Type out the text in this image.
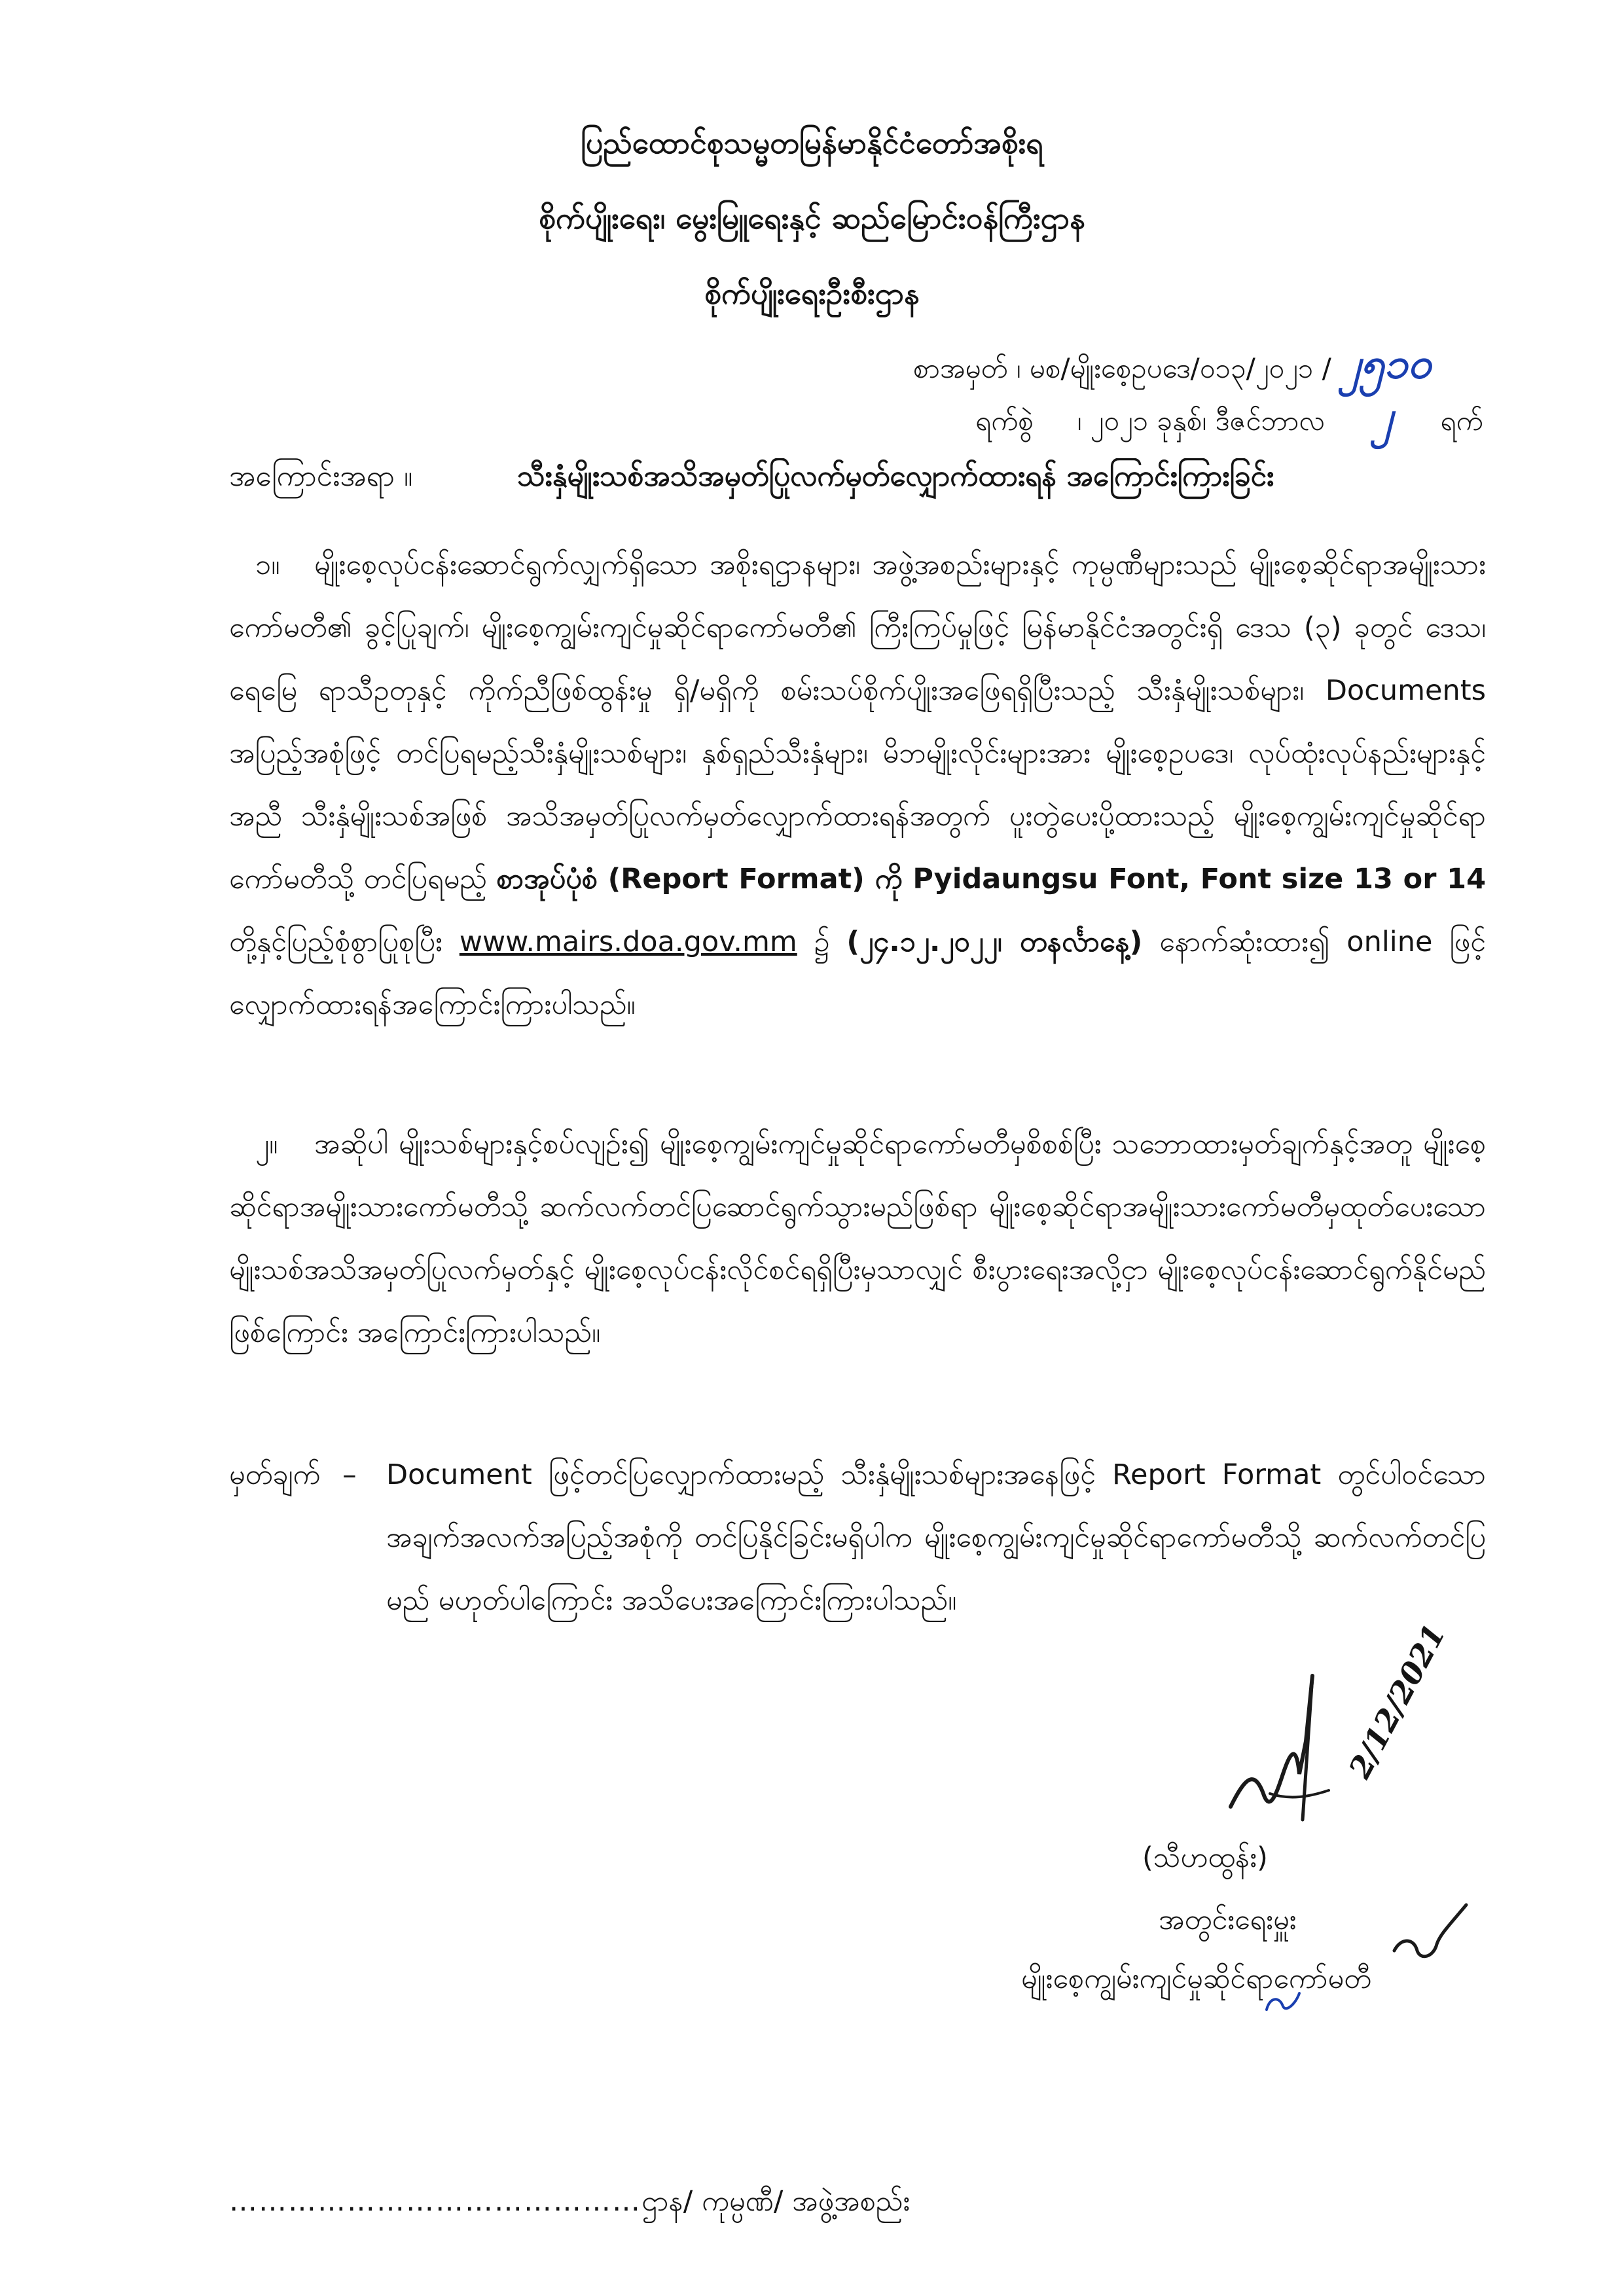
ပြည်ထောင်စုသမ္မတမြန်မာနိုင်ငံတော်အစိုးရ
စိုက်ပျိုးရေး၊ မွေးမြူရေးနှင့် ဆည်မြောင်းဝန်ကြီးဌာန
စိုက်ပျိုးရေးဦးစီးဌာန
စာအမှတ် ၊ မစ/မျိုးစေ့ဥပဒေ/၀၁၃/၂၀၂၁ / ၂၅၁၀
ရက်စွဲ ၊ ၂၀၂၁ ခုနှစ်၊ ဒီဇင်ဘာလ ၂ ရက်
အကြောင်းအရာ ။	သီးနှံမျိုးသစ်အသိအမှတ်ပြုလက်မှတ်လျှောက်ထားရန် အကြောင်းကြားခြင်း
၁။ မျိုးစေ့လုပ်ငန်းဆောင်ရွက်လျှက်ရှိသော အစိုးရဌာနများ၊ အဖွဲ့အစည်းများနှင့် ကုမ္ပဏီများသည် မျိုးစေ့ဆိုင်ရာအမျိုးသားကော်မတီ၏ ခွင့်ပြုချက်၊ မျိုးစေ့ကျွမ်းကျင်မှုဆိုင်ရာကော်မတီ၏ ကြီးကြပ်မှုဖြင့် မြန်မာနိုင်ငံအတွင်းရှိ ဒေသ (၃) ခုတွင် ဒေသ၊ ရေမြေ ရာသီဥတုနှင့် ကိုက်ညီဖြစ်ထွန်းမှု ရှိ/မရှိကို စမ်းသပ်စိုက်ပျိုးအဖြေရရှိပြီးသည့် သီးနှံမျိုးသစ်များ၊ Documents အပြည့်အစုံဖြင့် တင်ပြရမည့်သီးနှံမျိုးသစ်များ၊ နှစ်ရှည်သီးနှံများ၊ မိဘမျိုးလိုင်းများအား မျိုးစေ့ဥပဒေ၊ လုပ်ထုံးလုပ်နည်းများနှင့်အညီ သီးနှံမျိုးသစ်အဖြစ် အသိအမှတ်ပြုလက်မှတ်လျှောက်ထားရန်အတွက် ပူးတွဲပေးပို့ထားသည့် မျိုးစေ့ကျွမ်းကျင်မှုဆိုင်ရာကော်မတီသို့ တင်ပြရမည့် စာအုပ်ပုံစံ (Report Format) ကို Pyidaungsu Font, Font size 13 or 14 တို့နှင့်ပြည့်စုံစွာပြုစုပြီး www.mairs.doa.gov.mm ၌ (၂၄.၁၂.၂၀၂၂၊ တနင်္လာနေ့) နောက်ဆုံးထား၍ online ဖြင့် လျှောက်ထားရန်အကြောင်းကြားပါသည်။
၂။ အဆိုပါ မျိုးသစ်များနှင့်စပ်လျဉ်း၍ မျိုးစေ့ကျွမ်းကျင်မှုဆိုင်ရာကော်မတီမှစိစစ်ပြီး သဘောထားမှတ်ချက်နှင့်အတူ မျိုးစေ့ဆိုင်ရာအမျိုးသားကော်မတီသို့ ဆက်လက်တင်ပြဆောင်ရွက်သွားမည်ဖြစ်ရာ မျိုးစေ့ဆိုင်ရာအမျိုးသားကော်မတီမှထုတ်ပေးသော မျိုးသစ်အသိအမှတ်ပြုလက်မှတ်နှင့် မျိုးစေ့လုပ်ငန်းလိုင်စင်ရရှိပြီးမှသာလျှင် စီးပွားရေးအလို့ငှာ မျိုးစေ့လုပ်ငန်းဆောင်ရွက်နိုင်မည်ဖြစ်ကြောင်း အကြောင်းကြားပါသည်။
မှတ်ချက် –	Document ဖြင့်တင်ပြလျှောက်ထားမည့် သီးနှံမျိုးသစ်များအနေဖြင့် Report Format တွင်ပါဝင်သောအချက်အလက်အပြည့်အစုံကို တင်ပြနိုင်ခြင်းမရှိပါက မျိုးစေ့ကျွမ်းကျင်မှုဆိုင်ရာကော်မတီသို့ ဆက်လက်တင်ပြမည် မဟုတ်ပါကြောင်း အသိပေးအကြောင်းကြားပါသည်။
2/12/2021
(သီဟထွန်း)
အတွင်းရေးမှူး
မျိုးစေ့ကျွမ်းကျင်မှုဆိုင်ရာကော်မတီ
……………………………………ဌာန/ ကုမ္ပဏီ/ အဖွဲ့အစည်း
